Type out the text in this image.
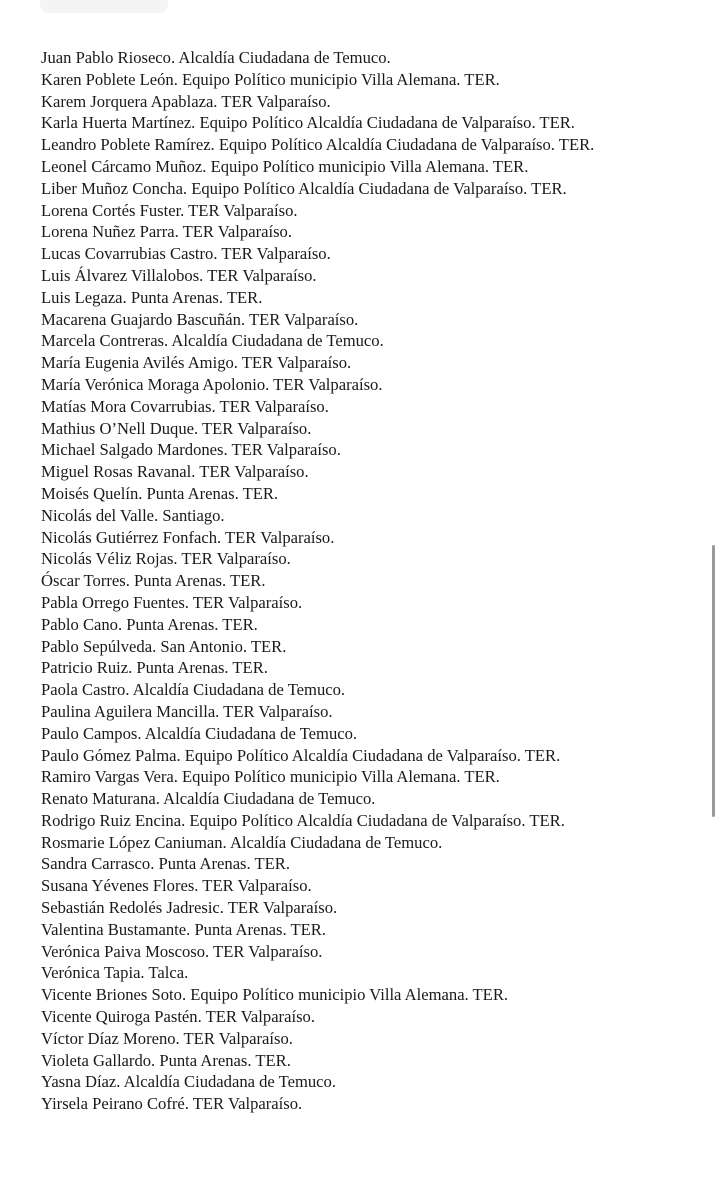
Juan Pablo Rioseco. Alcaldía Ciudadana de Temuco.
Karen Poblete León. Equipo Político municipio Villa Alemana. TER.
Karem Jorquera Apablaza. TER Valparaíso.
Karla Huerta Martínez. Equipo Político Alcaldía Ciudadana de Valparaíso. TER.
Leandro Poblete Ramírez. Equipo Político Alcaldía Ciudadana de Valparaíso. TER.
Leonel Cárcamo Muñoz. Equipo Político municipio Villa Alemana. TER.
Liber Muñoz Concha. Equipo Político Alcaldía Ciudadana de Valparaíso. TER.
Lorena Cortés Fuster. TER Valparaíso.
Lorena Nuñez Parra. TER Valparaíso.
Lucas Covarrubias Castro. TER Valparaíso.
Luis Álvarez Villalobos. TER Valparaíso.
Luis Legaza. Punta Arenas. TER.
Macarena Guajardo Bascuñán. TER Valparaíso.
Marcela Contreras. Alcaldía Ciudadana de Temuco.
María Eugenia Avilés Amigo. TER Valparaíso.
María Verónica Moraga Apolonio. TER Valparaíso.
Matías Mora Covarrubias. TER Valparaíso.
Mathius O’Nell Duque. TER Valparaíso.
Michael Salgado Mardones. TER Valparaíso.
Miguel Rosas Ravanal. TER Valparaíso.
Moisés Quelín. Punta Arenas. TER.
Nicolás del Valle. Santiago.
Nicolás Gutiérrez Fonfach. TER Valparaíso.
Nicolás Véliz Rojas. TER Valparaíso.
Óscar Torres. Punta Arenas. TER.
Pabla Orrego Fuentes. TER Valparaíso.
Pablo Cano. Punta Arenas. TER.
Pablo Sepúlveda. San Antonio. TER.
Patricio Ruiz. Punta Arenas. TER.
Paola Castro. Alcaldía Ciudadana de Temuco.
Paulina Aguilera Mancilla. TER Valparaíso.
Paulo Campos. Alcaldía Ciudadana de Temuco.
Paulo Gómez Palma. Equipo Político Alcaldía Ciudadana de Valparaíso. TER.
Ramiro Vargas Vera. Equipo Político municipio Villa Alemana. TER.
Renato Maturana. Alcaldía Ciudadana de Temuco.
Rodrigo Ruiz Encina. Equipo Político Alcaldía Ciudadana de Valparaíso. TER.
Rosmarie López Caniuman. Alcaldía Ciudadana de Temuco.
Sandra Carrasco. Punta Arenas. TER.
Susana Yévenes Flores. TER Valparaíso.
Sebastián Redolés Jadresic. TER Valparaíso.
Valentina Bustamante. Punta Arenas. TER.
Verónica Paiva Moscoso. TER Valparaíso.
Verónica Tapia. Talca.
Vicente Briones Soto. Equipo Político municipio Villa Alemana. TER.
Vicente Quiroga Pastén. TER Valparaíso.
Víctor Díaz Moreno. TER Valparaíso.
Violeta Gallardo. Punta Arenas. TER.
Yasna Díaz. Alcaldía Ciudadana de Temuco.
Yirsela Peirano Cofré. TER Valparaíso.
